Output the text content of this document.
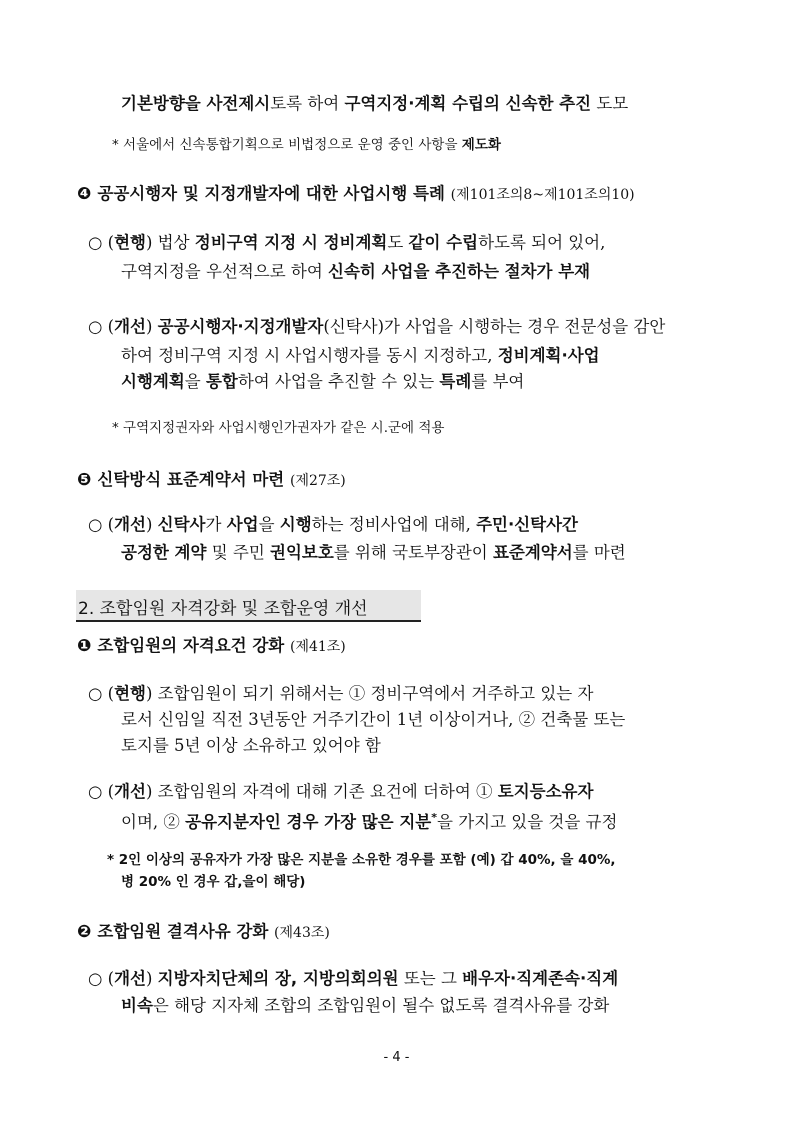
기본방향을 사전제시토록 하여 구역지정·계획 수립의 신속한 추진 도모
* 서울에서 신속통합기획으로 비법정으로 운영 중인 사항을 제도화
❹ 공공시행자 및 지정개발자에 대한 사업시행 특례 (제101조의8~제101조의10)
○ (현행) 법상 정비구역 지정 시 정비계획도 같이 수립하도록 되어 있어,
구역지정을 우선적으로 하여 신속히 사업을 추진하는 절차가 부재
○ (개선) 공공시행자·지정개발자(신탁사)가 사업을 시행하는 경우 전문성을 감안
하여 정비구역 지정 시 사업시행자를 동시 지정하고, 정비계획·사업
시행계획을 통합하여 사업을 추진할 수 있는 특례를 부여
* 구역지정권자와 사업시행인가권자가 같은 시.군에 적용
❺ 신탁방식 표준계약서 마련 (제27조)
○ (개선) 신탁사가 사업을 시행하는 정비사업에 대해, 주민·신탁사간
공정한 계약 및 주민 권익보호를 위해 국토부장관이 표준계약서를 마련
2. 조합임원 자격강화 및 조합운영 개선
❶ 조합임원의 자격요건 강화 (제41조)
○ (현행) 조합임원이 되기 위해서는 ① 정비구역에서 거주하고 있는 자
로서 신임일 직전 3년동안 거주기간이 1년 이상이거나, ② 건축물 또는
토지를 5년 이상 소유하고 있어야 함
○ (개선) 조합임원의 자격에 대해 기존 요건에 더하여 ① 토지등소유자
이며, ② 공유지분자인 경우 가장 많은 지분*을 가지고 있을 것을 규정
* 2인 이상의 공유자가 가장 많은 지분을 소유한 경우를 포함 (예) 갑 40%, 을 40%,
병 20% 인 경우 갑,을이 해당)
❷ 조합임원 결격사유 강화 (제43조)
○ (개선) 지방자치단체의 장, 지방의회의원 또는 그 배우자·직계존속·직계
비속은 해당 지자체 조합의 조합임원이 될수 없도록 결격사유를 강화
- 4 -
